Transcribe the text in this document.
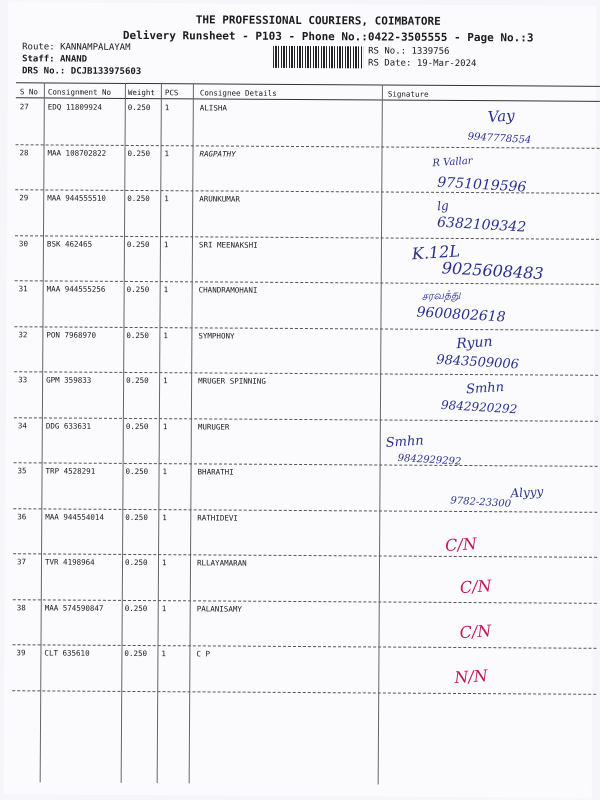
THE PROFESSIONAL COURIERS, COIMBATORE
Delivery Runsheet - P103 - Phone No.:0422-3505555 - Page No.:3
Route: KANNAMPALAYAM
Staff: ANAND
DRS No.: DCJB133975603
RS No.: 1339756
RS Date: 19-Mar-2024
S No Consignment No Weight PCS	Consignee Details	Signature
27	EDQ 11809924	0.250 1	ALISHA	Vay
9947778554
28	MAA 108702822	0.250 1	RAGPATHY
R Vallar
9751019596
29	MAA 944555510	0.250 1	ARUNKUMAR	lg
6382109342
30	BSK 462465	0.250 1	SRI MEENAKSHI	K.12L
9025608483
31	MAA 944555256	0.250 1	CHANDRAMOHANI	சரவத்து
9600802618
32	PON 7968970	0.250 1	SYMPHONY	Ryun
9843509006
33	GPM 359833	0.250 1	MRUGER SPINNING	Smhn
9842920292
34	DDG 633631	0.250 1	MURUGER
Smhn
9842929292
35	TRP 4528291	0.250 1	BHARATHI
Alyyy
9782-23300
36	MAA 944554014	0.250 1	RATHIDEVI
C/N
37	TVR 4198964	0.250 1	RLLAYAMARAN
C/N
38	MAA 574590847	0.250 1	PALANISAMY
C/N
39	CLT 635610	0.250 1	C P
N/N
